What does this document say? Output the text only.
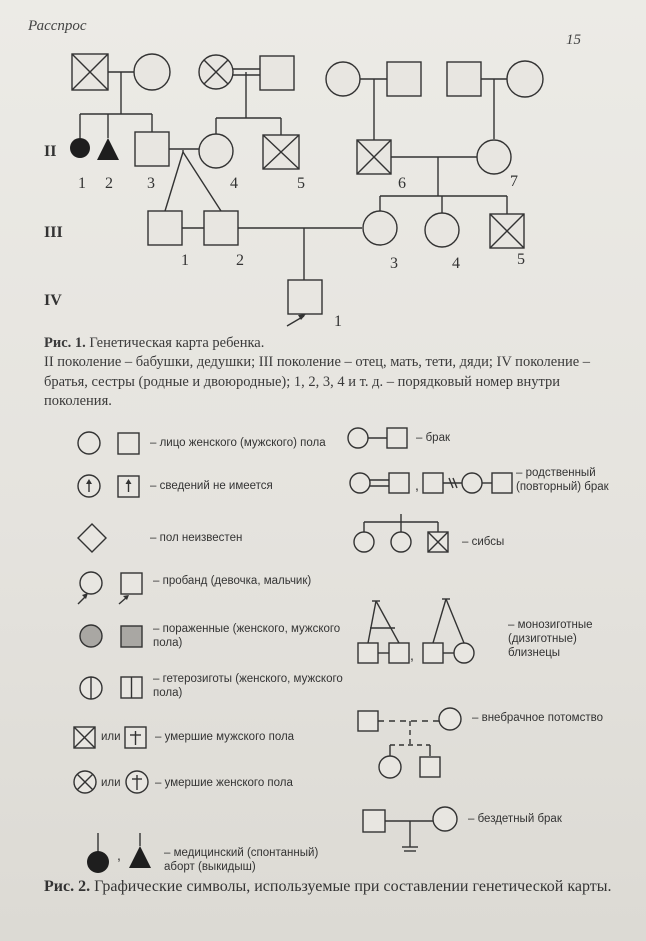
Расспрос
15
II
III
IV
1 2 3	4	5	6	7
1	2	3	4	5
1
Рис. 1. Генетическая карта ребенка.
II поколение – бабушки, дедушки; III поколение – отец, мать, тети, дяди; IV поколение – братья, сестры (родные и двоюродные); 1, 2, 3, 4 и т. д. – порядковый номер внутри поколения.
– лицо женского (мужского) пола
– сведений не имеется
– пол неизвестен
– пробанд (девочка, мальчик)
– пораженные (женского, мужского пола)
– гетерозиготы (женского, мужского пола)
или	– умершие мужского пола
или	– умершие женского пола
,	– медицинский (спонтанный) аборт (выкидыш)
– брак
,
– родственный (повторный) брак
– сибсы
,
– монозиготные (дизиготные) близнецы
– внебрачное потомство
– бездетный брак
Рис. 2. Графические символы, используемые при составлении генетической карты.
